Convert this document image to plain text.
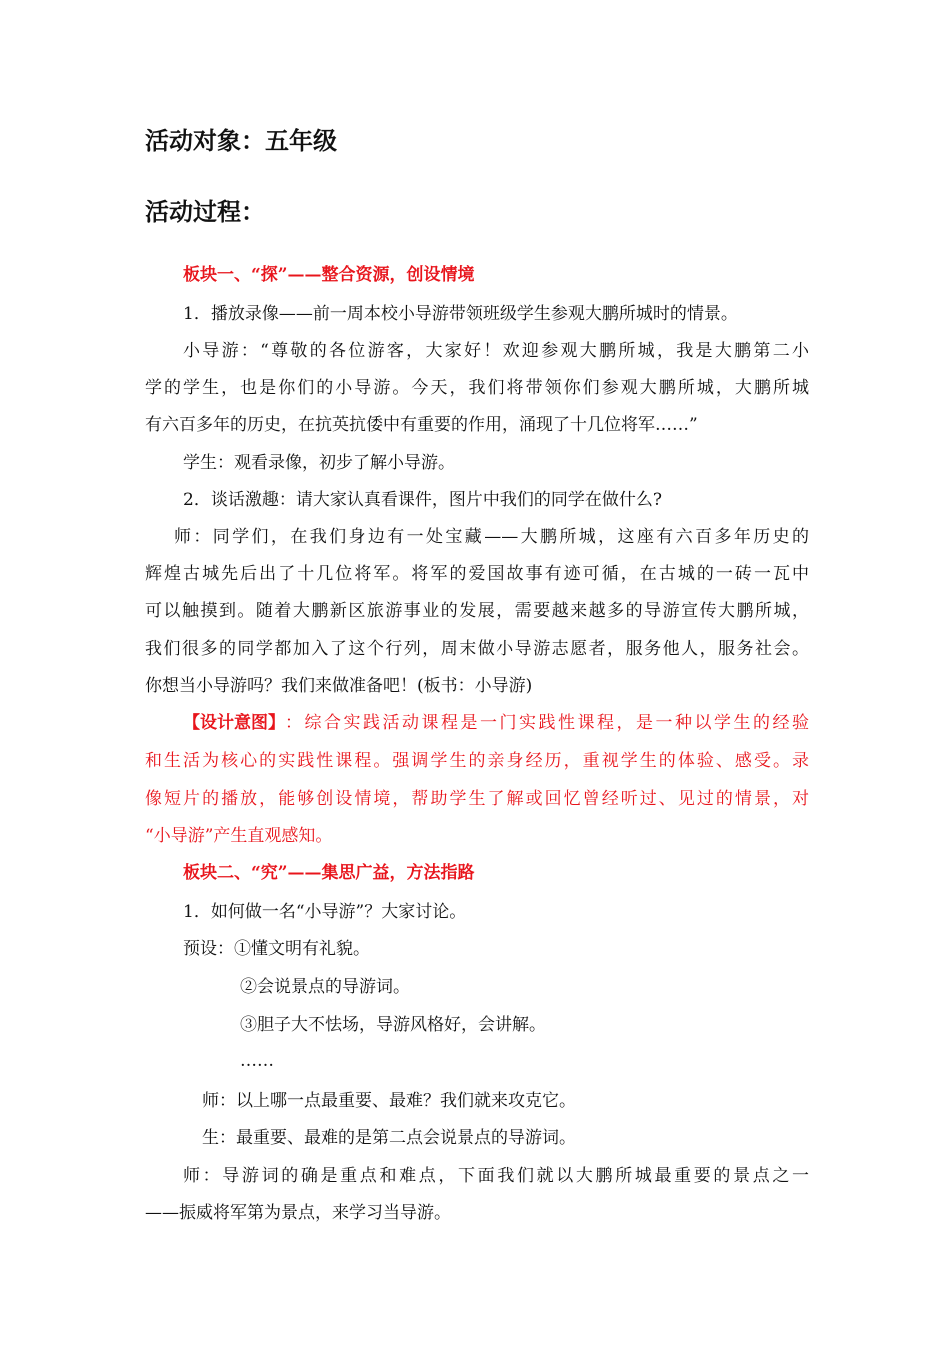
活动对象：五年级
活动过程：
板块一、“探”——整合资源，创设情境
1．播放录像——前一周本校小导游带领班级学生参观大鹏所城时的情景。
小导游：“尊敬的各位游客，大家好！欢迎参观大鹏所城，我是大鹏第二小
学的学生，也是你们的小导游。今天，我们将带领你们参观大鹏所城，大鹏所城
有六百多年的历史，在抗英抗倭中有重要的作用，涌现了十几位将军……”
学生：观看录像，初步了解小导游。
2．谈话激趣：请大家认真看课件，图片中我们的同学在做什么?
师：同学们，在我们身边有一处宝藏——大鹏所城，这座有六百多年历史的
辉煌古城先后出了十几位将军。将军的爱国故事有迹可循，在古城的一砖一瓦中
可以触摸到。随着大鹏新区旅游事业的发展，需要越来越多的导游宣传大鹏所城，
我们很多的同学都加入了这个行列，周末做小导游志愿者，服务他人，服务社会。
你想当小导游吗？我们来做准备吧！(板书：小导游)
【设计意图】 ：综合实践活动课程是一门实践性课程，是一种以学生的经验
和生活为核心的实践性课程。强调学生的亲身经历，重视学生的体验、感受。录
像短片的播放，能够创设情境，帮助学生了解或回忆曾经听过、见过的情景，对
“小导游”产生直观感知。
板块二、“究”——集思广益，方法指路
1．如何做一名“小导游”？大家讨论。
预设：①懂文明有礼貌。
②会说景点的导游词。
③胆子大不怯场，导游风格好，会讲解。
……
师：以上哪一点最重要、最难？我们就来攻克它。
生：最重要、最难的是第二点会说景点的导游词。
师：导游词的确是重点和难点，下面我们就以大鹏所城最重要的景点之一
——振威将军第为景点，来学习当导游。
